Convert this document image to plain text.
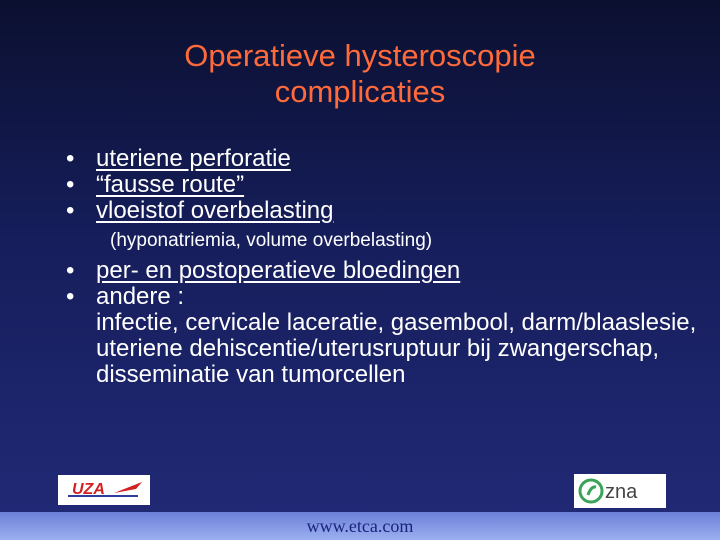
Operatieve hysteroscopie
complicaties
• uteriene perforatie
• “fausse route”
• vloeistof overbelasting
(hyponatriemia, volume overbelasting)
• per- en postoperatieve bloedingen
• andere :
infectie, cervicale laceratie, gasembool, darm/blaaslesie, uteriene dehiscentie/uterusruptuur bij zwangerschap, disseminatie van tumorcellen
UZA	zna
www.etca.com
